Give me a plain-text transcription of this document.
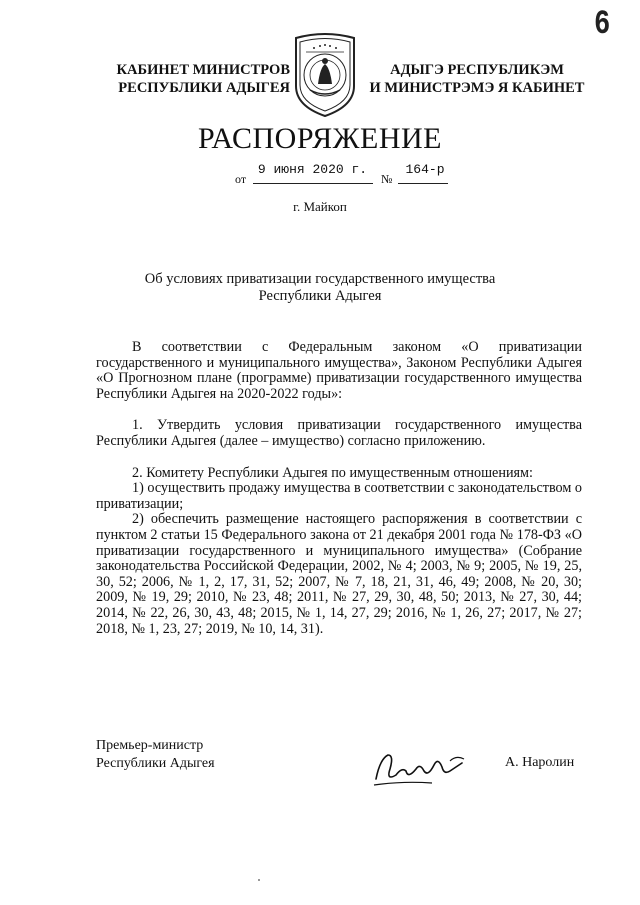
6
КАБИНЕТ МИНИСТРОВ
РЕСПУБЛИКИ АДЫГЕЯ
АДЫГЭ РЕСПУБЛИКЭМ
И МИНИСТРЭМЭ Я КАБИНЕТ
РАСПОРЯЖЕНИЕ
от
9 июня 2020 г.
№
164-р
г. Майкоп
Об условиях приватизации государственного имущества
Республики Адыгея

В соответствии с Федеральным законом «О приватизации государственного и муниципального имущества», Законом Республики Адыгея «О Прогнозном плане (программе) приватизации государственного имущества Республики Адыгея на 2020-2022 годы»:

1. Утвердить условия приватизации государственного имущества Республики Адыгея (далее – имущество) согласно приложению.

2. Комитету Республики Адыгея по имущественным отношениям:

1) осуществить продажу имущества в соответствии с законодательством о приватизации;

2) обеспечить размещение настоящего распоряжения в соответствии с пунктом 2 статьи 15 Федерального закона от 21 декабря 2001 года № 178-ФЗ «О приватизации государственного и муниципального имущества» (Собрание законодательства Российской Федерации, 2002, № 4; 2003, № 9; 2005, № 19, 25, 30, 52; 2006, № 1, 2, 17, 31, 52; 2007, № 7, 18, 21, 31, 46, 49; 2008, № 20, 30; 2009, № 19, 29; 2010, № 23, 48; 2011, № 27, 29, 30, 48, 50; 2013, № 27, 30, 44; 2014, № 22, 26, 30, 43, 48; 2015, № 1, 14, 27, 29; 2016, № 1, 26, 27; 2017, № 27; 2018, № 1, 23, 27; 2019, № 10, 14, 31).

Премьер-министр
Республики Адыгея	А. Наролин
